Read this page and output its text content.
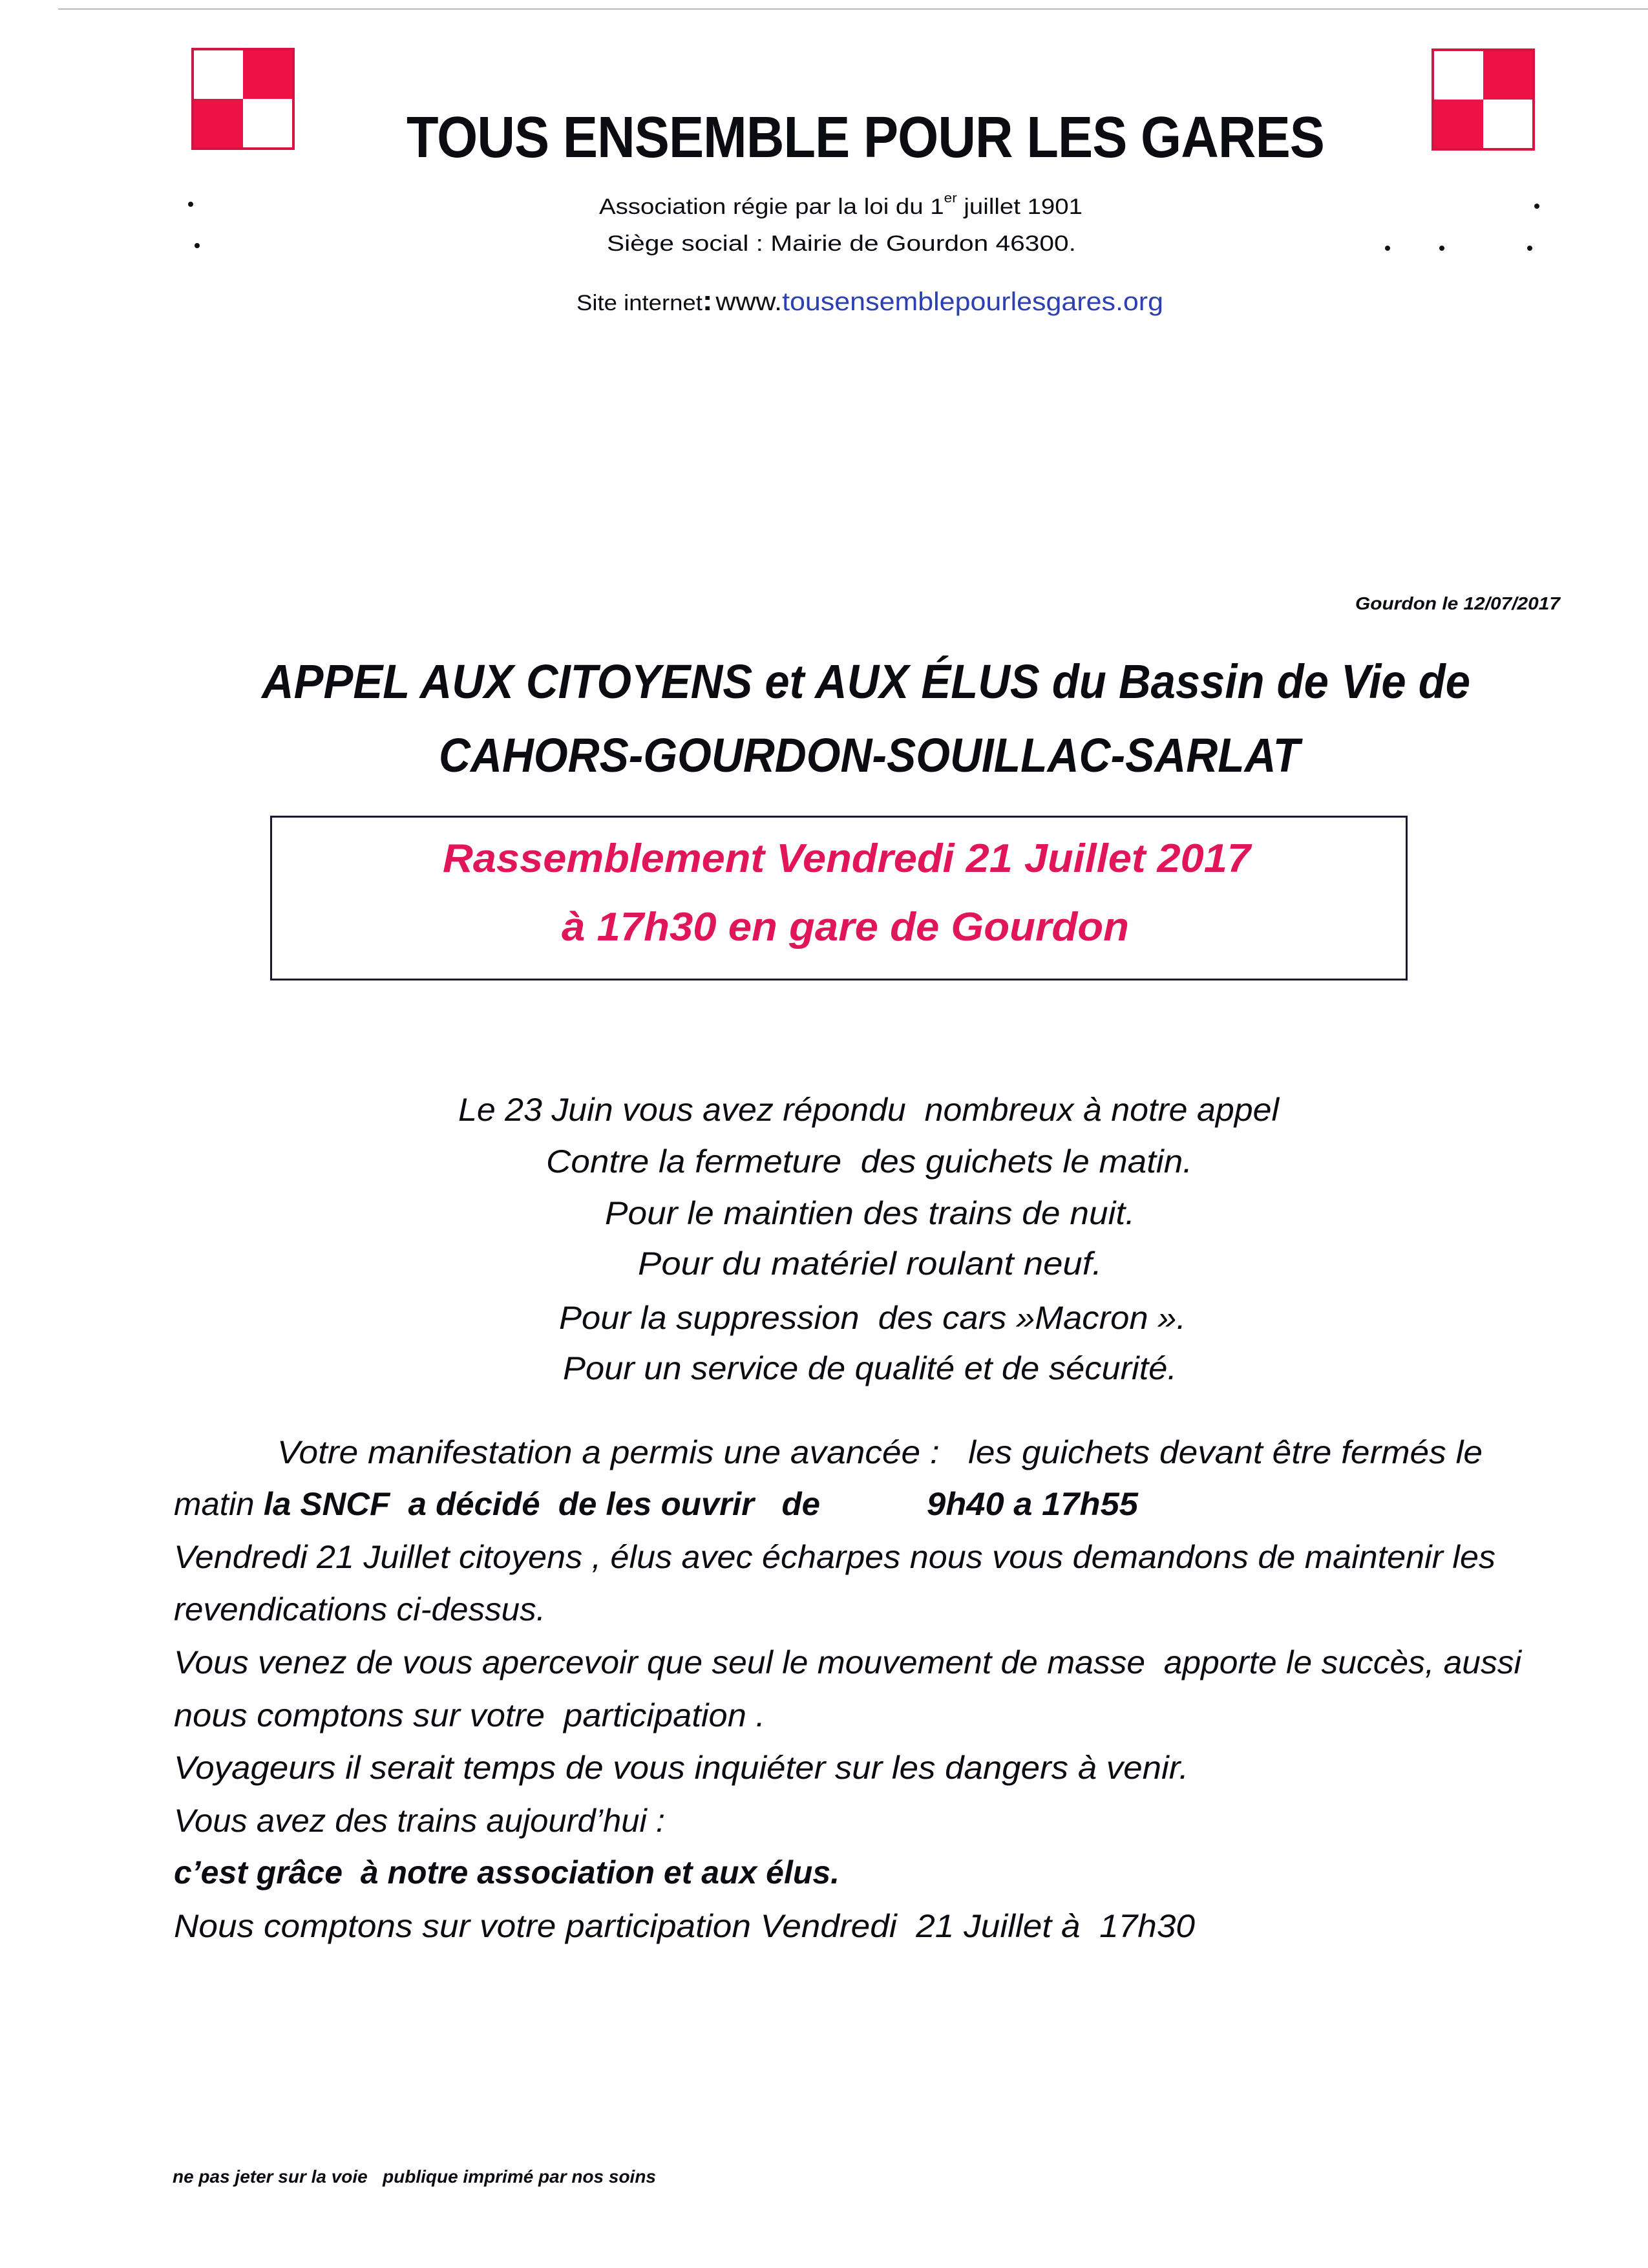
TOUS ENSEMBLE POUR LES GARES

Association régie par la loi du 1er juillet 1901

Siège social : Mairie de Gourdon 46300.

Site internet: www.tousensemblepourlesgares.org

Gourdon le 12/07/2017

APPEL AUX CITOYENS et AUX ÉLUS du Bassin de Vie de

CAHORS-GOURDON-SOUILLAC-SARLAT

Rassemblement Vendredi 21 Juillet 2017

à 17h30 en gare de Gourdon

Le 23 Juin vous avez répondu  nombreux à notre appel

Contre la fermeture  des guichets le matin.

Pour le maintien des trains de nuit.

Pour du matériel roulant neuf.

Pour la suppression  des cars »Macron ».

Pour un service de qualité et de sécurité.

Votre manifestation a permis une avancée :   les guichets devant être fermés le

matin la SNCF  a décidé  de les ouvrir   de	9h40 a 17h55

Vendredi 21 Juillet citoyens , élus avec écharpes nous vous demandons de maintenir les

revendications ci-dessus.

Vous venez de vous apercevoir que seul le mouvement de masse  apporte le succès, aussi

nous comptons sur votre  participation .

Voyageurs il serait temps de vous inquiéter sur les dangers à venir.

Vous avez des trains aujourd’hui :

c’est grâce  à notre association et aux élus.

Nous comptons sur votre participation Vendredi  21 Juillet à  17h30

ne pas jeter sur la voie   publique imprimé par nos soins
